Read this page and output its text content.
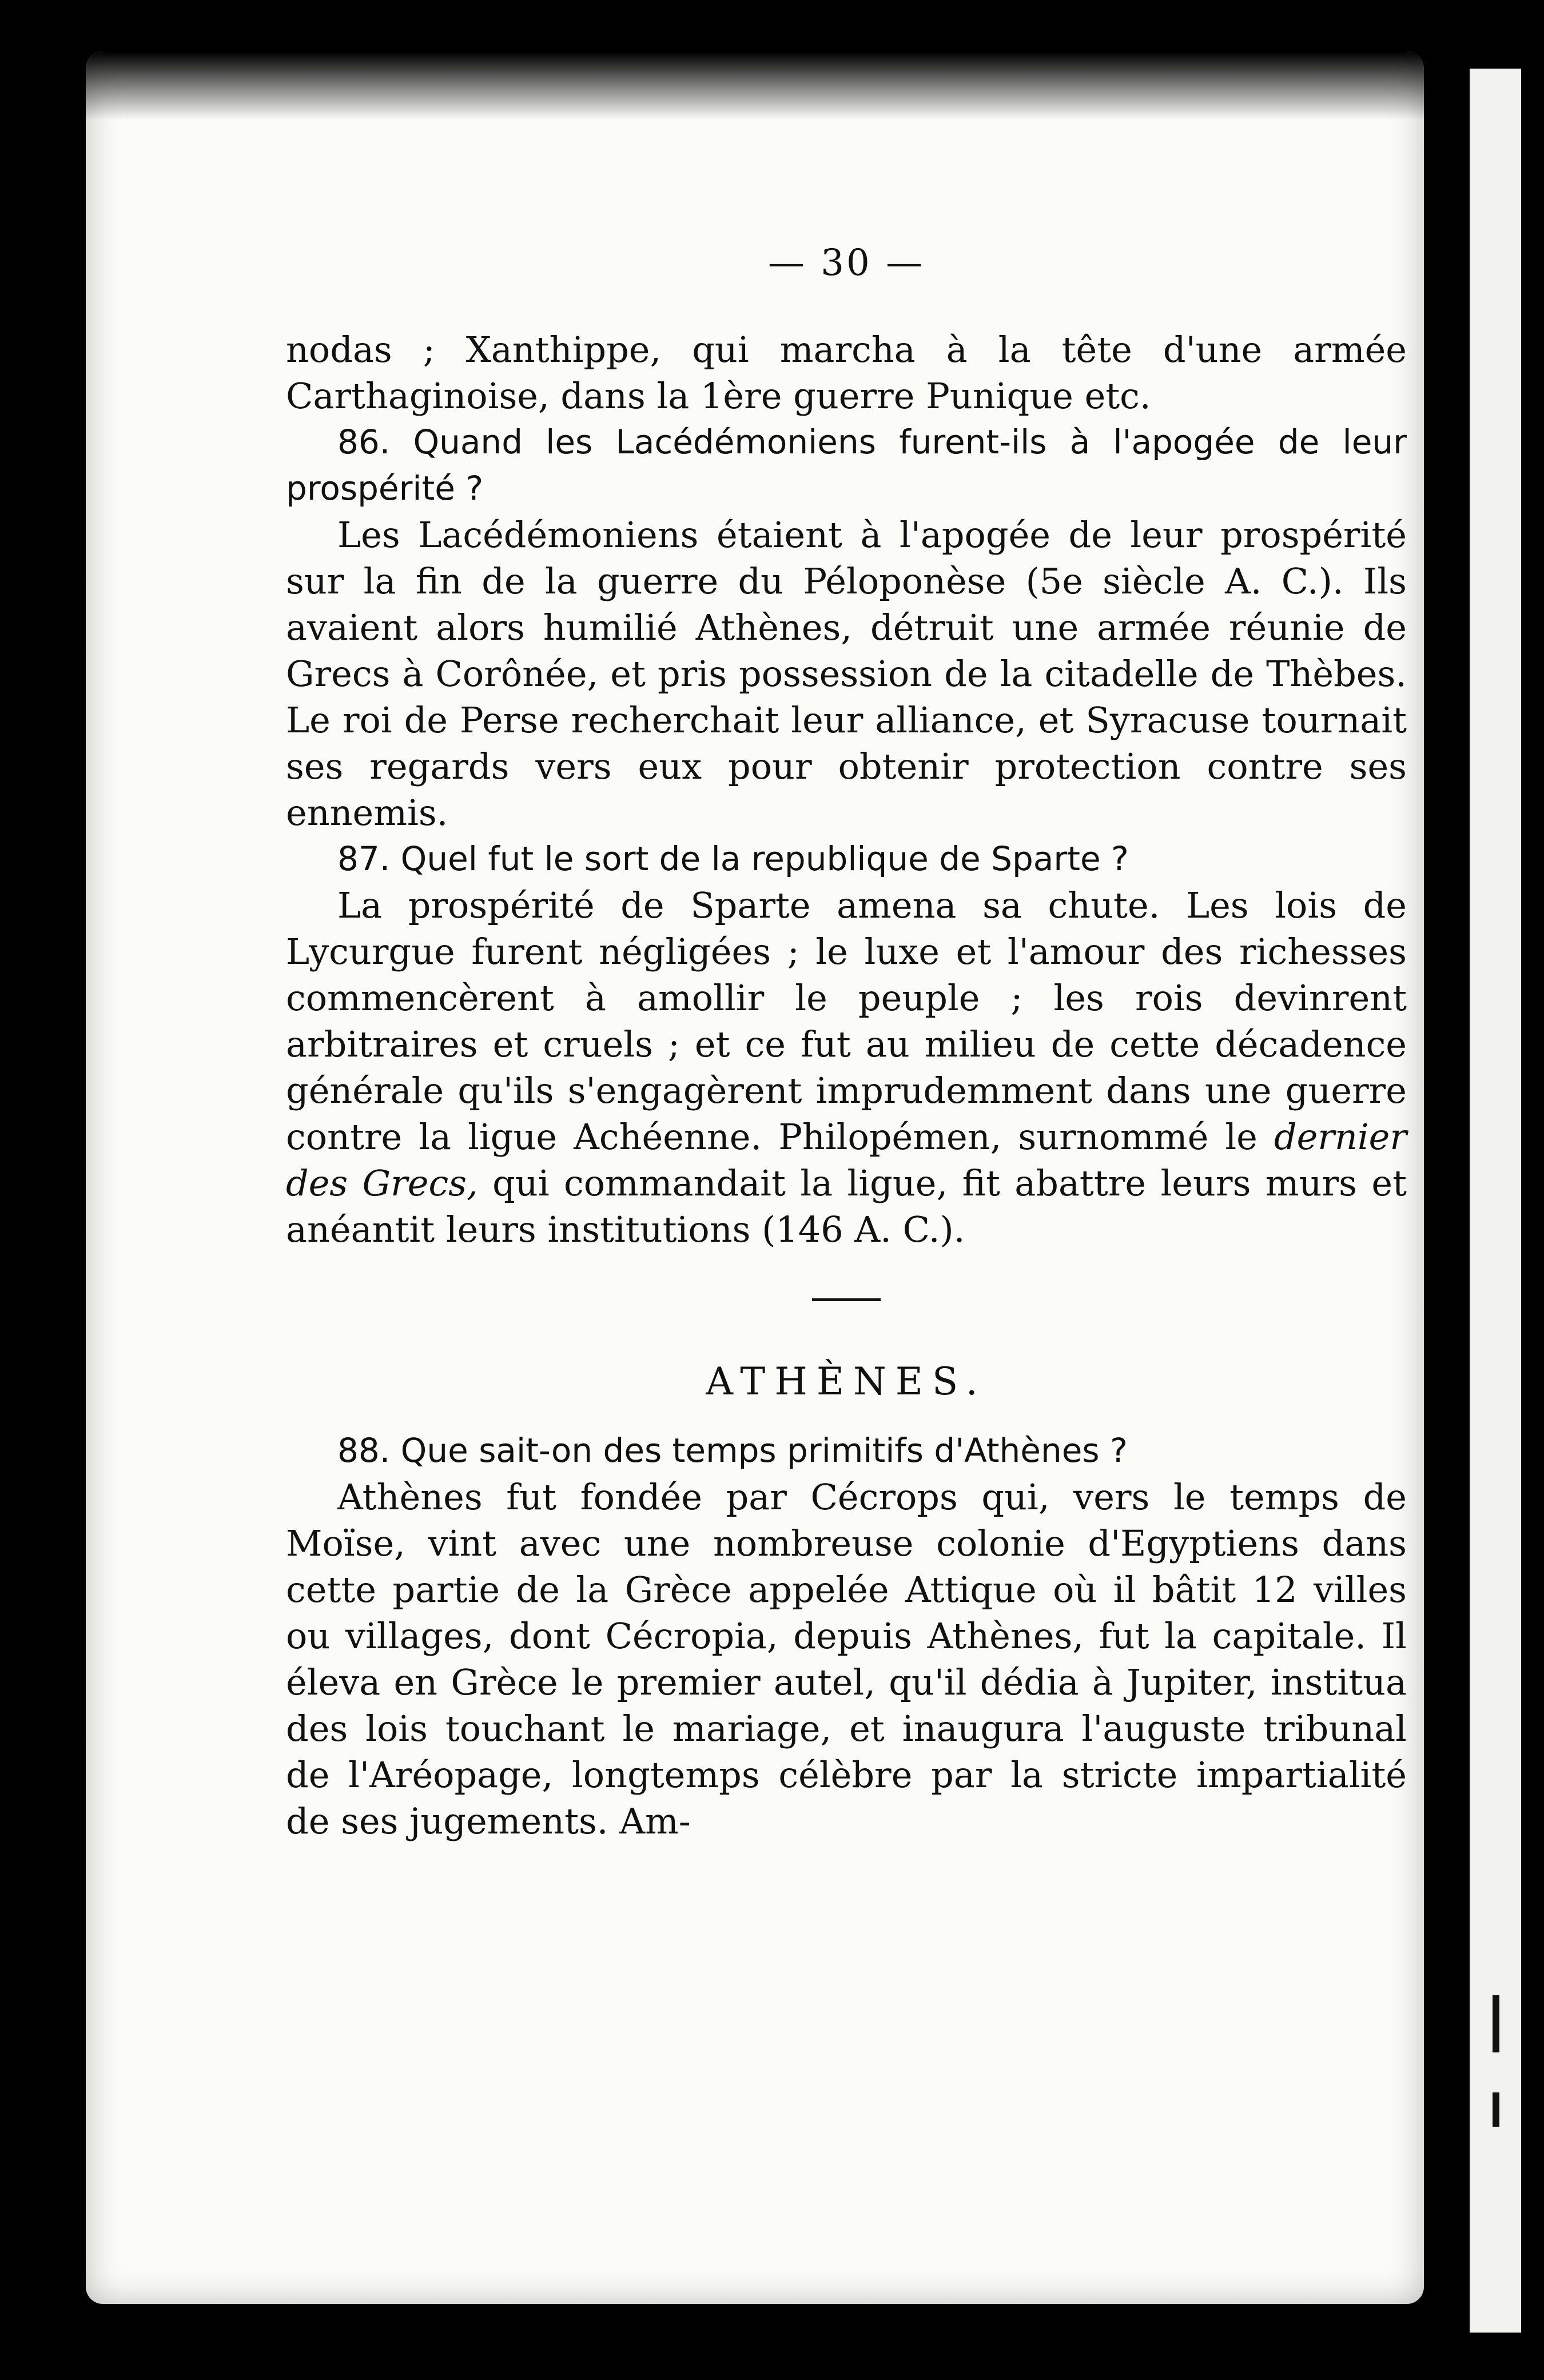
— 30 —

nodas ; Xanthippe, qui marcha à la tête d'une armée Carthaginoise, dans la 1ère guerre Punique etc.

86. Quand les Lacédémoniens furent-ils à l'apogée de leur prospérité ?

Les Lacédémoniens étaient à l'apogée de leur prospérité sur la fin de la guerre du Péloponèse (5e siècle A. C.). Ils avaient alors humilié Athènes, détruit une armée réunie de Grecs à Corônée, et pris possession de la citadelle de Thèbes. Le roi de Perse recherchait leur alliance, et Syracuse tournait ses regards vers eux pour obtenir protection contre ses ennemis.

87. Quel fut le sort de la republique de Sparte ?

La prospérité de Sparte amena sa chute. Les lois de Lycurgue furent négligées ; le luxe et l'amour des richesses commencèrent à amollir le peuple ; les rois devinrent arbitraires et cruels ; et ce fut au milieu de cette décadence générale qu'ils s'engagèrent imprudemment dans une guerre contre la ligue Achéenne. Philopémen, surnommé le dernier des Grecs, qui commandait la ligue, fit abattre leurs murs et anéantit leurs institutions (146 A. C.).

ATHÈNES.

88. Que sait-on des temps primitifs d'Athènes ?

Athènes fut fondée par Cécrops qui, vers le temps de Moïse, vint avec une nombreuse colonie d'Egyptiens dans cette partie de la Grèce appelée Attique où il bâtit 12 villes ou villages, dont Cécropia, depuis Athènes, fut la capitale. Il éleva en Grèce le premier autel, qu'il dédia à Jupiter, institua des lois touchant le mariage, et inaugura l'auguste tribunal de l'Aréopage, longtemps célèbre par la stricte impartialité de ses jugements. Am-
